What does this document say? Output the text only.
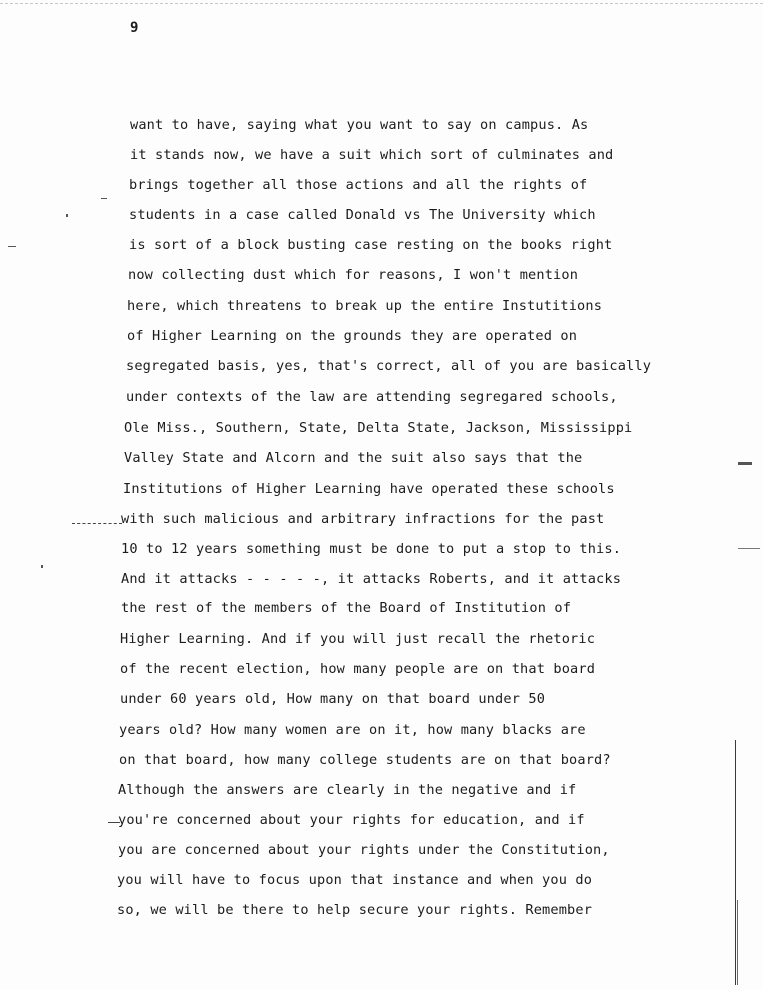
9
want to have, saying what you want to say on campus. As
it stands now, we have a suit which sort of culminates and
brings together all those actions and all the rights of
students in a case called Donald vs The University which
is sort of a block busting case resting on the books right
now collecting dust which for reasons, I won't mention
here, which threatens to break up the entire Instutitions
of Higher Learning on the grounds they are operated on
segregated basis, yes, that's correct, all of you are basically
under contexts of the law are attending segregared schools,
Ole Miss., Southern, State, Delta State, Jackson, Mississippi
Valley State and Alcorn and the suit also says that the
Institutions of Higher Learning have operated these schools
with such malicious and arbitrary infractions for the past
10 to 12 years something must be done to put a stop to this.
And it attacks - - - - -, it attacks Roberts, and it attacks
the rest of the members of the Board of Institution of
Higher Learning. And if you will just recall the rhetoric
of the recent election, how many people are on that board
under 60 years old, How many on that board under 50
years old? How many women are on it, how many blacks are
on that board, how many college students are on that board?
Although the answers are clearly in the negative and if
you're concerned about your rights for education, and if
you are concerned about your rights under the Constitution,
you will have to focus upon that instance and when you do
so, we will be there to help secure your rights. Remember
